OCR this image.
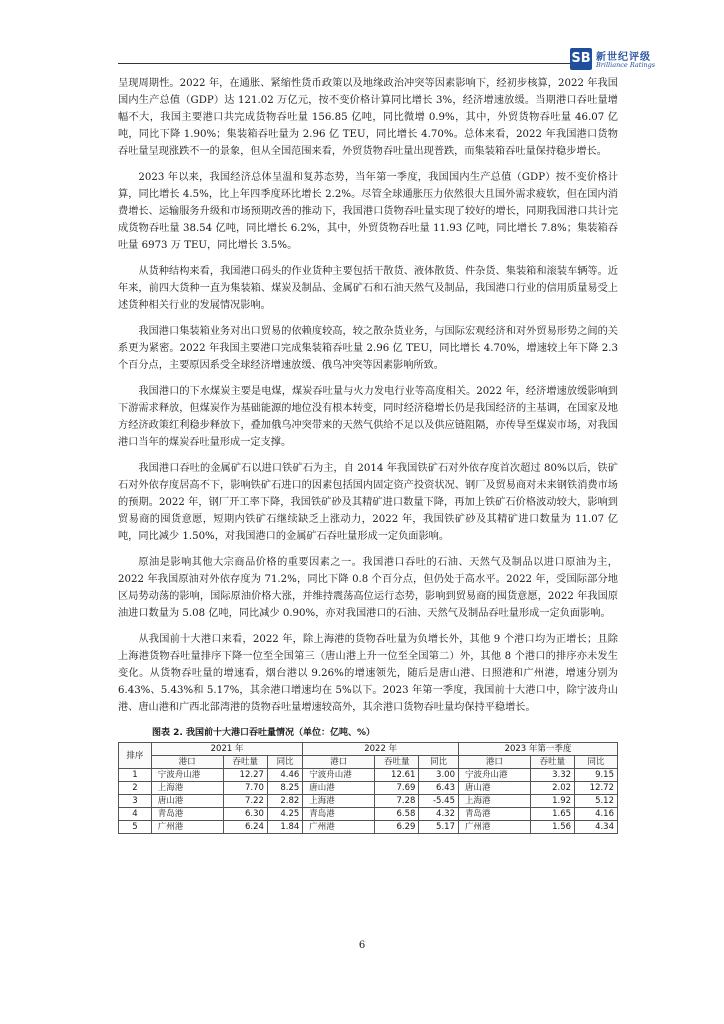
SB 新世纪评级
Brilliance Ratings

呈现周期性。2022 年，在通胀、紧缩性货币政策以及地缘政治冲突等因素影响下，经初步核算，2022 年我国国内生产总值（GDP）达 121.02 万亿元，按不变价格计算同比增长 3%，经济增速放缓。当期港口吞吐量增幅不大，我国主要港口共完成货物吞吐量 156.85 亿吨，同比微增 0.9%，其中，外贸货物吞吐量 46.07 亿吨，同比下降 1.90%；集装箱吞吐量为 2.96 亿 TEU，同比增长 4.70%。总体来看，2022 年我国港口货物吞吐量呈现涨跌不一的景象，但从全国范围来看，外贸货物吞吐量出现普跌，而集装箱吞吐量保持稳步增长。

2023 年以来，我国经济总体呈温和复苏态势，当年第一季度，我国国内生产总值（GDP）按不变价格计算，同比增长 4.5%，比上年四季度环比增长 2.2%。尽管全球通胀压力依然很大且国外需求疲软，但在国内消费增长、运输服务升级和市场预期改善的推动下，我国港口货物吞吐量实现了较好的增长，同期我国港口共计完成货物吞吐量 38.54 亿吨，同比增长 6.2%，其中，外贸货物吞吐量 11.93 亿吨，同比增长 7.8%；集装箱吞吐量 6973 万 TEU，同比增长 3.5%。

从货种结构来看，我国港口码头的作业货种主要包括干散货、液体散货、件杂货、集装箱和滚装车辆等。近年来，前四大货种一直为集装箱、煤炭及制品、金属矿石和石油天然气及制品，我国港口行业的信用质量易受上述货种相关行业的发展情况影响。

我国港口集装箱业务对出口贸易的依赖度较高，较之散杂货业务，与国际宏观经济和对外贸易形势之间的关系更为紧密。2022 年我国主要港口完成集装箱吞吐量 2.96 亿 TEU，同比增长 4.70%，增速较上年下降 2.3 个百分点，主要原因系受全球经济增速放缓、俄乌冲突等因素影响所致。

我国港口的下水煤炭主要是电煤，煤炭吞吐量与火力发电行业等高度相关。2022 年，经济增速放缓影响到下游需求释放，但煤炭作为基础能源的地位没有根本转变，同时经济稳增长仍是我国经济的主基调，在国家及地方经济政策红利稳步释放下，叠加俄乌冲突带来的天然气供给不足以及供应链阻隔，亦传导至煤炭市场，对我国港口当年的煤炭吞吐量形成一定支撑。

我国港口吞吐的金属矿石以进口铁矿石为主，自 2014 年我国铁矿石对外依存度首次超过 80%以后，铁矿石对外依存度居高不下，影响铁矿石进口的因素包括国内固定资产投资状况、钢厂及贸易商对未来钢铁消费市场的预期。2022 年，钢厂开工率下降，我国铁矿砂及其精矿进口数量下降，再加上铁矿石价格波动较大，影响到贸易商的囤货意愿，短期内铁矿石继续缺乏上涨动力，2022 年，我国铁矿砂及其精矿进口数量为 11.07 亿吨，同比减少 1.50%，对我国港口的金属矿石吞吐量形成一定负面影响。

原油是影响其他大宗商品价格的重要因素之一。我国港口吞吐的石油、天然气及制品以进口原油为主，2022 年我国原油对外依存度为 71.2%，同比下降 0.8 个百分点，但仍处于高水平。2022 年，受国际部分地区局势动荡的影响，国际原油价格大涨，并维持震荡高位运行态势，影响到贸易商的囤货意愿，2022 年我国原油进口数量为 5.08 亿吨，同比减少 0.90%，亦对我国港口的石油、天然气及制品吞吐量形成一定负面影响。

从我国前十大港口来看，2022 年，除上海港的货物吞吐量为负增长外，其他 9 个港口均为正增长；且除上海港货物吞吐量排序下降一位至全国第三（唐山港上升一位至全国第二）外，其他 8 个港口的排序亦未发生变化。从货物吞吐量的增速看，烟台港以 9.26%的增速领先，随后是唐山港、日照港和广州港，增速分别为 6.43%、5.43%和 5.17%，其余港口增速均在 5%以下。2023 年第一季度，我国前十大港口中，除宁波舟山港、唐山港和广西北部湾港的货物吞吐量增速较高外，其余港口货物吞吐量均保持平稳增长。

图表 2. 我国前十大港口吞吐量情况（单位：亿吨、%）
排序	2021 年			2022 年			2023 年第一季度		
	港口	吞吐量	同比	港口	吞吐量	同比	港口	吞吐量	同比
1	宁波舟山港	12.27	4.46	宁波舟山港	12.61	3.00	宁波舟山港	3.32	9.15
2	上海港	7.70	8.25	唐山港	7.69	6.43	唐山港	2.02	12.72
3	唐山港	7.22	2.82	上海港	7.28	-5.45	上海港	1.92	5.12
4	青岛港	6.30	4.25	青岛港	6.58	4.32	青岛港	1.65	4.16
5	广州港	6.24	1.84	广州港	6.29	5.17	广州港	1.56	4.34
6
